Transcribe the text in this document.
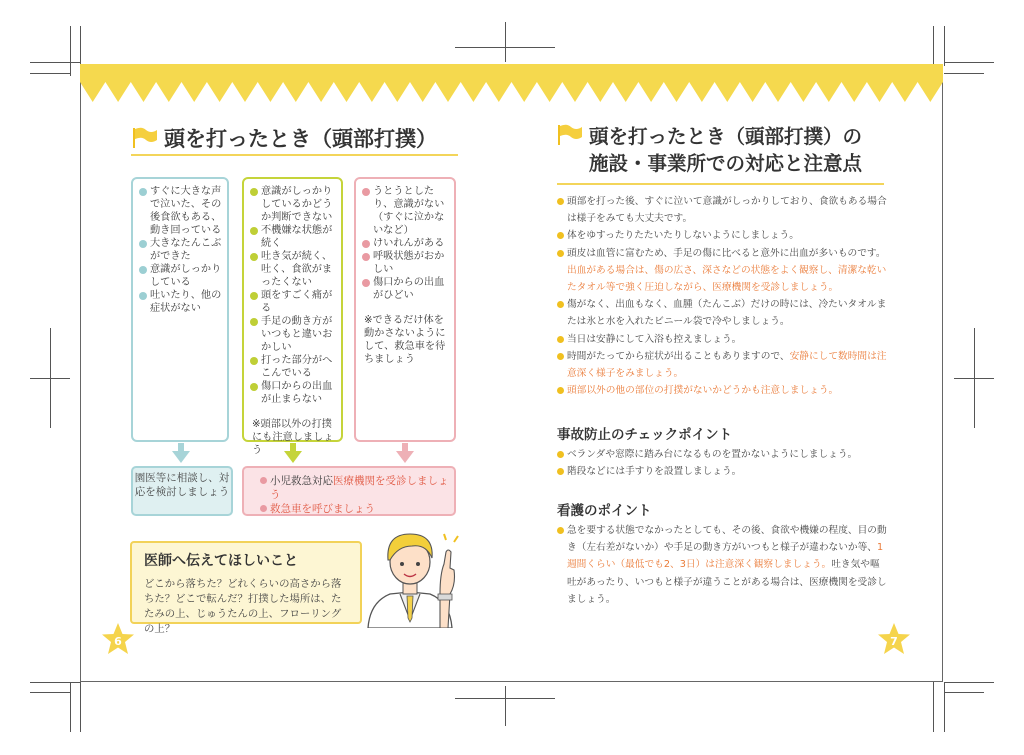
頭を打ったとき（頭部打撲）
すぐに大きな声で泣いた、その後食欲もある、動き回っている
大きなたんこぶができた
意識がしっかりしている
吐いたり、他の症状がない
意識がしっかりしているかどうか判断できない
不機嫌な状態が続く
吐き気が続く、吐く、食欲がまったくない
頭をすごく痛がる
手足の動き方がいつもと違いおかしい
打った部分がへこんでいる
傷口からの出血が止まらない
※頭部以外の打撲にも注意しましょう
うとうとしたり、意識がない（すぐに泣かないなど）
けいれんがある
呼吸状態がおかしい
傷口からの出血がひどい
※できるだけ体を動かさないようにして、救急車を待ちましょう
園医等に相談し、対応を検討しましょう
小児救急対応医療機関を受診しましょう
救急車を呼びましょう
医師へ伝えてほしいこと
どこから落ちた？どれくらいの高さから落ちた？どこで転んだ？打撲した場所は、たたみの上、じゅうたんの上、フローリングの上？
6	7
頭を打ったとき（頭部打撲）の
施設・事業所での対応と注意点

頭部を打った後、すぐに泣いて意識がしっかりしており、食欲もある場合は様子をみても大丈夫です。

体をゆすったりたたいたりしないようにしましょう。

頭皮は血管に富むため、手足の傷に比べると意外に出血が多いものです。出血がある場合は、傷の広さ、深さなどの状態をよく観察し、清潔な乾いたタオル等で強く圧迫しながら、医療機関を受診しましょう。

傷がなく、出血もなく、血腫（たんこぶ）だけの時には、冷たいタオルまたは氷と水を入れたビニール袋で冷やしましょう。

当日は安静にして入浴も控えましょう。

時間がたってから症状が出ることもありますので、安静にして数時間は注意深く様子をみましょう。

頭部以外の他の部位の打撲がないかどうかも注意しましょう。

事故防止のチェックポイント

ベランダや窓際に踏み台になるものを置かないようにしましょう。

階段などには手すりを設置しましょう。

看護のポイント

急を要する状態でなかったとしても、その後、食欲や機嫌の程度、目の動き（左右差がないか）や手足の動き方がいつもと様子が違わないか等、1週間くらい（最低でも2、3日）は注意深く観察しましょう。吐き気や嘔吐があったり、いつもと様子が違うことがある場合は、医療機関を受診しましょう。
